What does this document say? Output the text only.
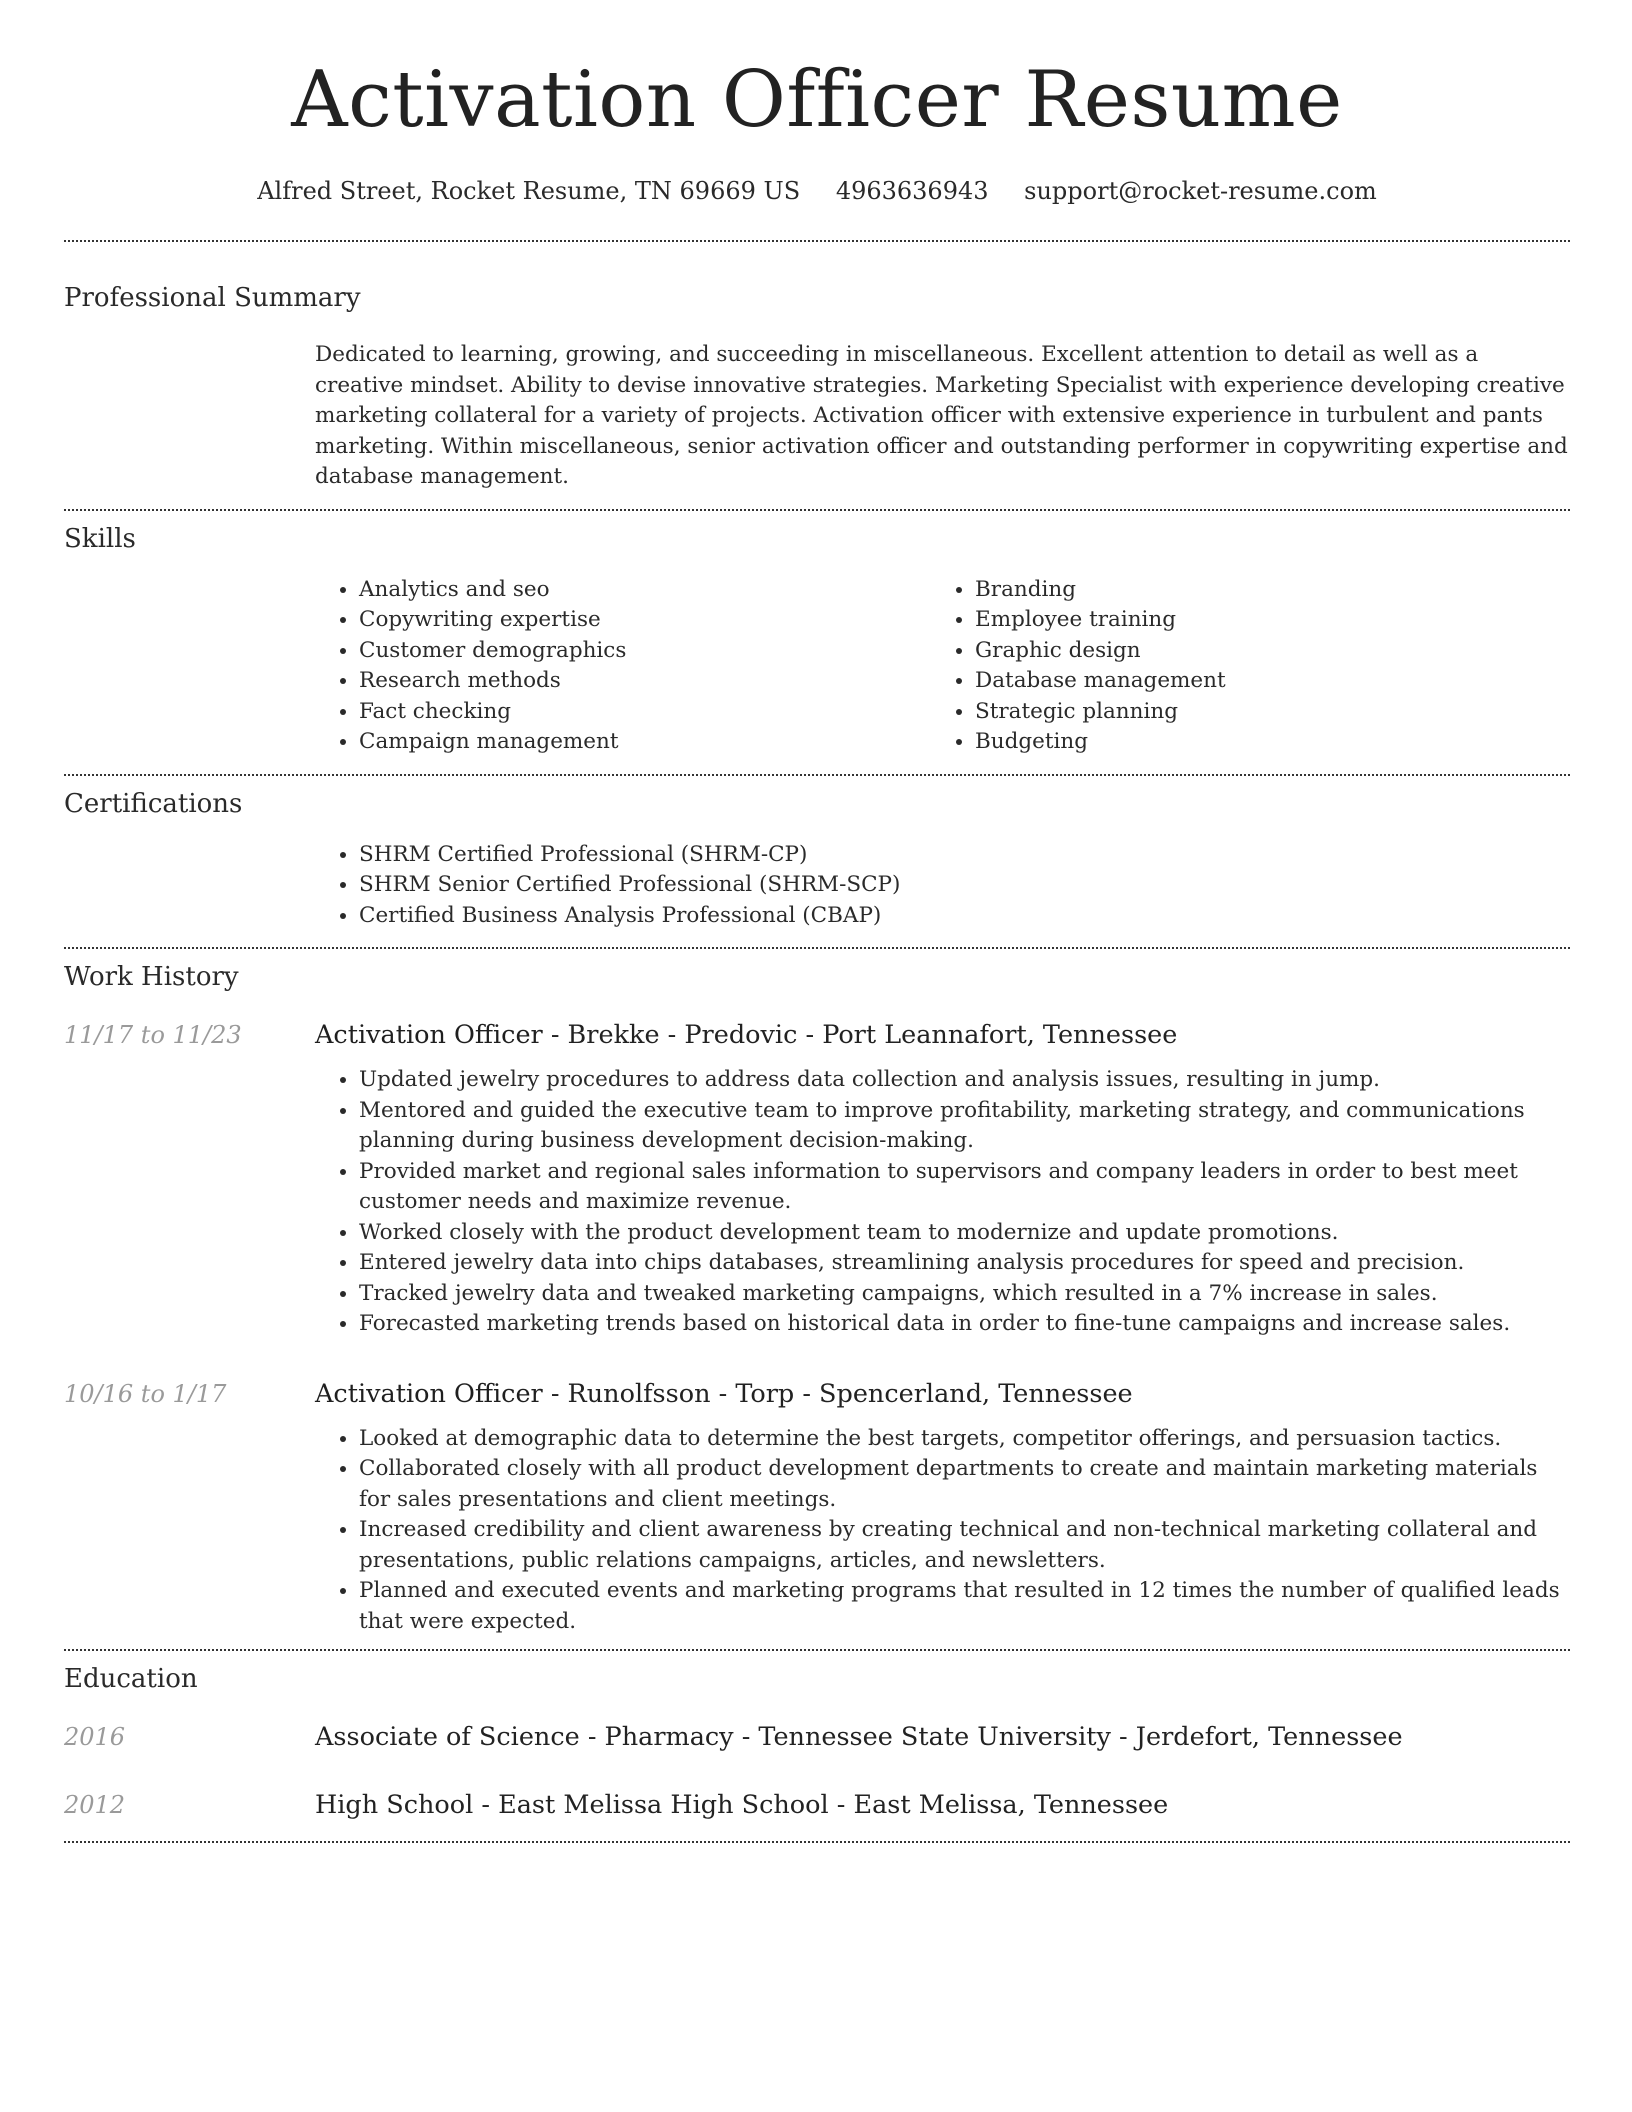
Activation Officer Resume
Alfred Street, Rocket Resume, TN 69669 US 4963636943 support@rocket-resume.com
Professional Summary
Dedicated to learning, growing, and succeeding in miscellaneous. Excellent attention to detail as well as a creative mindset. Ability to devise innovative strategies. Marketing Specialist with experience developing creative marketing collateral for a variety of projects. Activation officer with extensive experience in turbulent and pants marketing. Within miscellaneous, senior activation officer and outstanding performer in copywriting expertise and database management.
Skills
• Analytics and seo
• Copywriting expertise
• Customer demographics
• Research methods
• Fact checking
• Campaign management
• Branding
• Employee training
• Graphic design
• Database management
• Strategic planning
• Budgeting
Certifications
• SHRM Certified Professional (SHRM-CP)
• SHRM Senior Certified Professional (SHRM-SCP)
• Certified Business Analysis Professional (CBAP)
Work History
11/17 to 11/23	Activation Officer - Brekke - Predovic - Port Leannafort, Tennessee
• Updated jewelry procedures to address data collection and analysis issues, resulting in jump.
• Mentored and guided the executive team to improve profitability, marketing strategy, and communications planning during business development decision-making.
• Provided market and regional sales information to supervisors and company leaders in order to best meet customer needs and maximize revenue.
• Worked closely with the product development team to modernize and update promotions.
• Entered jewelry data into chips databases, streamlining analysis procedures for speed and precision.
• Tracked jewelry data and tweaked marketing campaigns, which resulted in a 7% increase in sales.
• Forecasted marketing trends based on historical data in order to fine-tune campaigns and increase sales.
10/16 to 1/17	Activation Officer - Runolfsson - Torp - Spencerland, Tennessee
• Looked at demographic data to determine the best targets, competitor offerings, and persuasion tactics.
• Collaborated closely with all product development departments to create and maintain marketing materials for sales presentations and client meetings.
• Increased credibility and client awareness by creating technical and non-technical marketing collateral and presentations, public relations campaigns, articles, and newsletters.
• Planned and executed events and marketing programs that resulted in 12 times the number of qualified leads that were expected.
Education
2016	Associate of Science - Pharmacy - Tennessee State University - Jerdefort, Tennessee
2012	High School - East Melissa High School - East Melissa, Tennessee
